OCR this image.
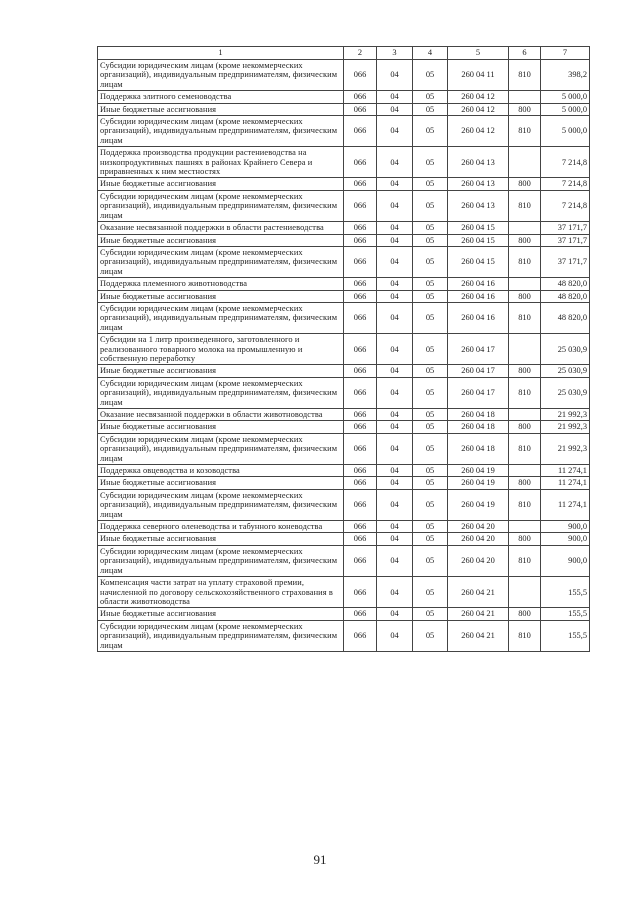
1	2	3	4	5	6	7
Субсидии юридическим лицам (кроме некоммерческих организаций), индивидуальным предпринимателям, физическим лицам	066	04	05	260 04 11	810	398,2
Поддержка элитного семеноводства	066	04	05	260 04 12		5 000,0
Иные бюджетные ассигнования	066	04	05	260 04 12	800	5 000,0
Субсидии юридическим лицам (кроме некоммерческих организаций), индивидуальным предпринимателям, физическим лицам	066	04	05	260 04 12	810	5 000,0
Поддержка производства продукции растениеводства на низкопродуктивных пашнях в районах Крайнего Севера и приравненных к ним местностях	066	04	05	260 04 13		7 214,8
Иные бюджетные ассигнования	066	04	05	260 04 13	800	7 214,8
Субсидии юридическим лицам (кроме некоммерческих организаций), индивидуальным предпринимателям, физическим лицам	066	04	05	260 04 13	810	7 214,8
Оказание несвязанной поддержки в области растениеводства	066	04	05	260 04 15		37 171,7
Иные бюджетные ассигнования	066	04	05	260 04 15	800	37 171,7
Субсидии юридическим лицам (кроме некоммерческих организаций), индивидуальным предпринимателям, физическим лицам	066	04	05	260 04 15	810	37 171,7
Поддержка племенного животноводства	066	04	05	260 04 16		48 820,0
Иные бюджетные ассигнования	066	04	05	260 04 16	800	48 820,0
Субсидии юридическим лицам (кроме некоммерческих организаций), индивидуальным предпринимателям, физическим лицам	066	04	05	260 04 16	810	48 820,0
Субсидии на 1 литр произведенного, заготовленного и реализованного товарного молока на промышленную и собственную переработку	066	04	05	260 04 17		25 030,9
Иные бюджетные ассигнования	066	04	05	260 04 17	800	25 030,9
Субсидии юридическим лицам (кроме некоммерческих организаций), индивидуальным предпринимателям, физическим лицам	066	04	05	260 04 17	810	25 030,9
Оказание несвязанной поддержки в области животноводства	066	04	05	260 04 18		21 992,3
Иные бюджетные ассигнования	066	04	05	260 04 18	800	21 992,3
Субсидии юридическим лицам (кроме некоммерческих организаций), индивидуальным предпринимателям, физическим лицам	066	04	05	260 04 18	810	21 992,3
Поддержка овцеводства и козоводства	066	04	05	260 04 19		11 274,1
Иные бюджетные ассигнования	066	04	05	260 04 19	800	11 274,1
Субсидии юридическим лицам (кроме некоммерческих организаций), индивидуальным предпринимателям, физическим лицам	066	04	05	260 04 19	810	11 274,1
Поддержка северного оленеводства и табунного коневодства	066	04	05	260 04 20		900,0
Иные бюджетные ассигнования	066	04	05	260 04 20	800	900,0
Субсидии юридическим лицам (кроме некоммерческих организаций), индивидуальным предпринимателям, физическим лицам	066	04	05	260 04 20	810	900,0
Компенсация части затрат на уплату страховой премии, начисленной по договору сельскохозяйственного страхования в области животноводства	066	04	05	260 04 21		155,5
Иные бюджетные ассигнования	066	04	05	260 04 21	800	155,5
Субсидии юридическим лицам (кроме некоммерческих организаций), индивидуальным предпринимателям, физическим лицам	066	04	05	260 04 21	810	155,5
91
